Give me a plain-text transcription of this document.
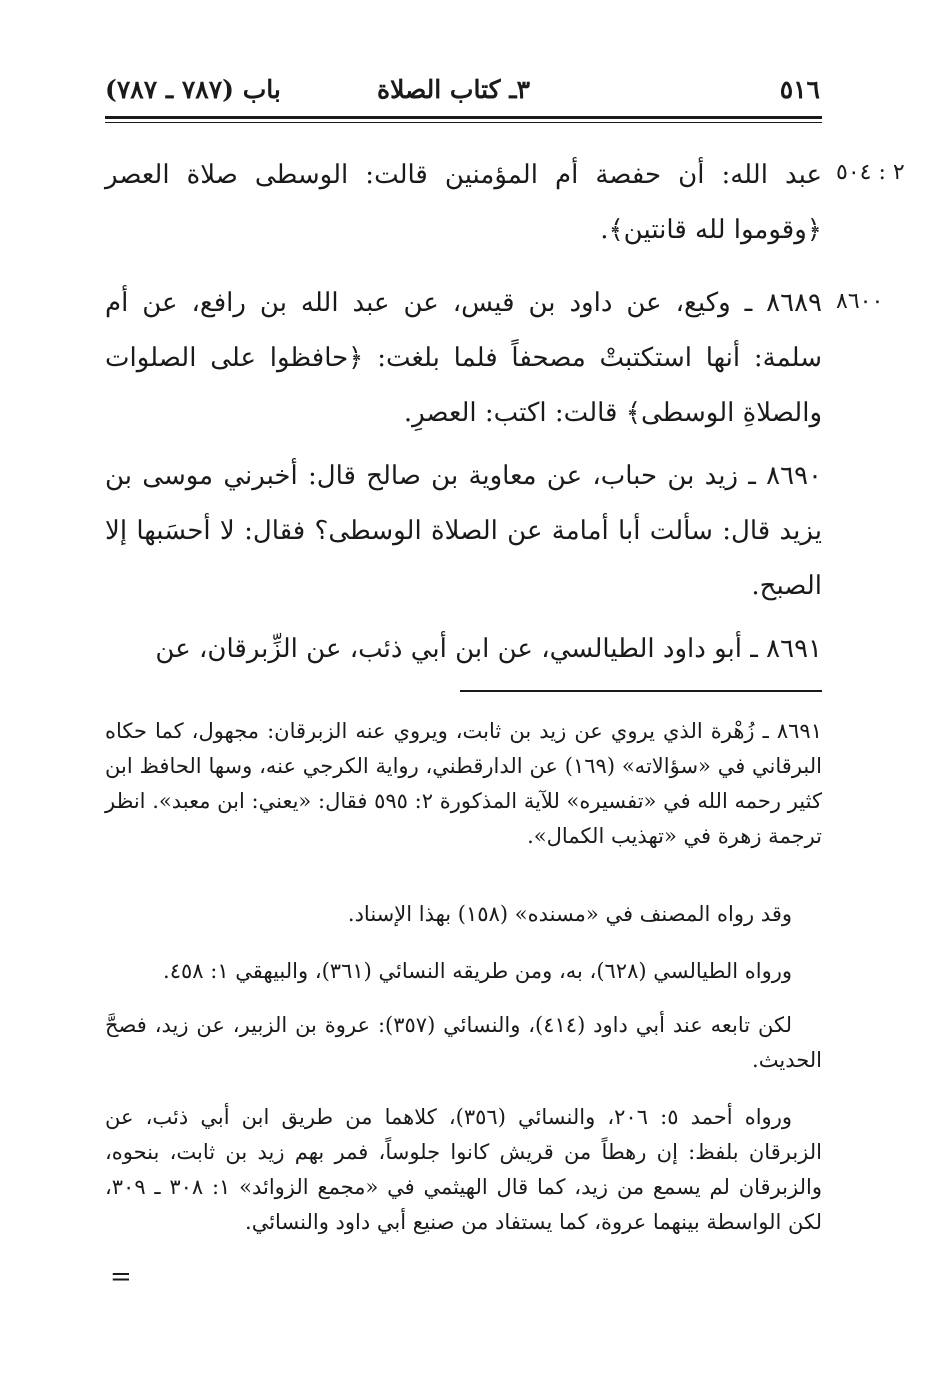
٥١٦
٣ـ كتاب الصلاة
باب (٧٨٧ ـ ٧٨٧)
٢ : ٥٠٤
عبد الله: أن حفصة أم المؤمنين قالت: الوسطى صلاة العصر ﴿وقوموا لله قانتين﴾.
٨٦٠٠
٨٦٨٩ ـ وكيع، عن داود بن قيس، عن عبد الله بن رافع، عن أم سلمة: أنها استكتبتْ مصحفاً فلما بلغت: ﴿حافظوا على الصلوات والصلاةِ الوسطى﴾ قالت: اكتب: العصرِ.
٨٦٩٠ ـ زيد بن حباب، عن معاوية بن صالح قال: أخبرني موسى بن يزيد قال: سألت أبا أمامة عن الصلاة الوسطى؟ فقال: لا أحسَبها إلا الصبح.
٨٦٩١ ـ أبو داود الطيالسي، عن ابن أبي ذئب، عن الزِّبرقان، عن
٨٦٩١ ـ زُهْرة الذي يروي عن زيد بن ثابت، ويروي عنه الزبرقان: مجهول، كما حكاه البرقاني في «سؤالاته» (١٦٩) عن الدارقطني، رواية الكرجي عنه، وسها الحافظ ابن كثير رحمه الله في «تفسيره» للآية المذكورة ٢: ٥٩٥ فقال: «يعني: ابن معبد». انظر ترجمة زهرة في «تهذيب الكمال».
وقد رواه المصنف في «مسنده» (١٥٨) بهذا الإسناد.
ورواه الطيالسي (٦٢٨)، به، ومن طريقه النسائي (٣٦١)، والبيهقي ١: ٤٥٨.
لكن تابعه عند أبي داود (٤١٤)، والنسائي (٣٥٧): عروة بن الزبير، عن زيد، فصحَّ الحديث.
ورواه أحمد ٥: ٢٠٦، والنسائي (٣٥٦)، كلاهما من طريق ابن أبي ذئب، عن الزبرقان بلفظ: إن رهطاً من قريش كانوا جلوساً، فمر بهم زيد بن ثابت، بنحوه، والزبرقان لم يسمع من زيد، كما قال الهيثمي في «مجمع الزوائد» ١: ٣٠٨ ـ ٣٠٩، لكن الواسطة بينهما عروة، كما يستفاد من صنيع أبي داود والنسائي.
=
